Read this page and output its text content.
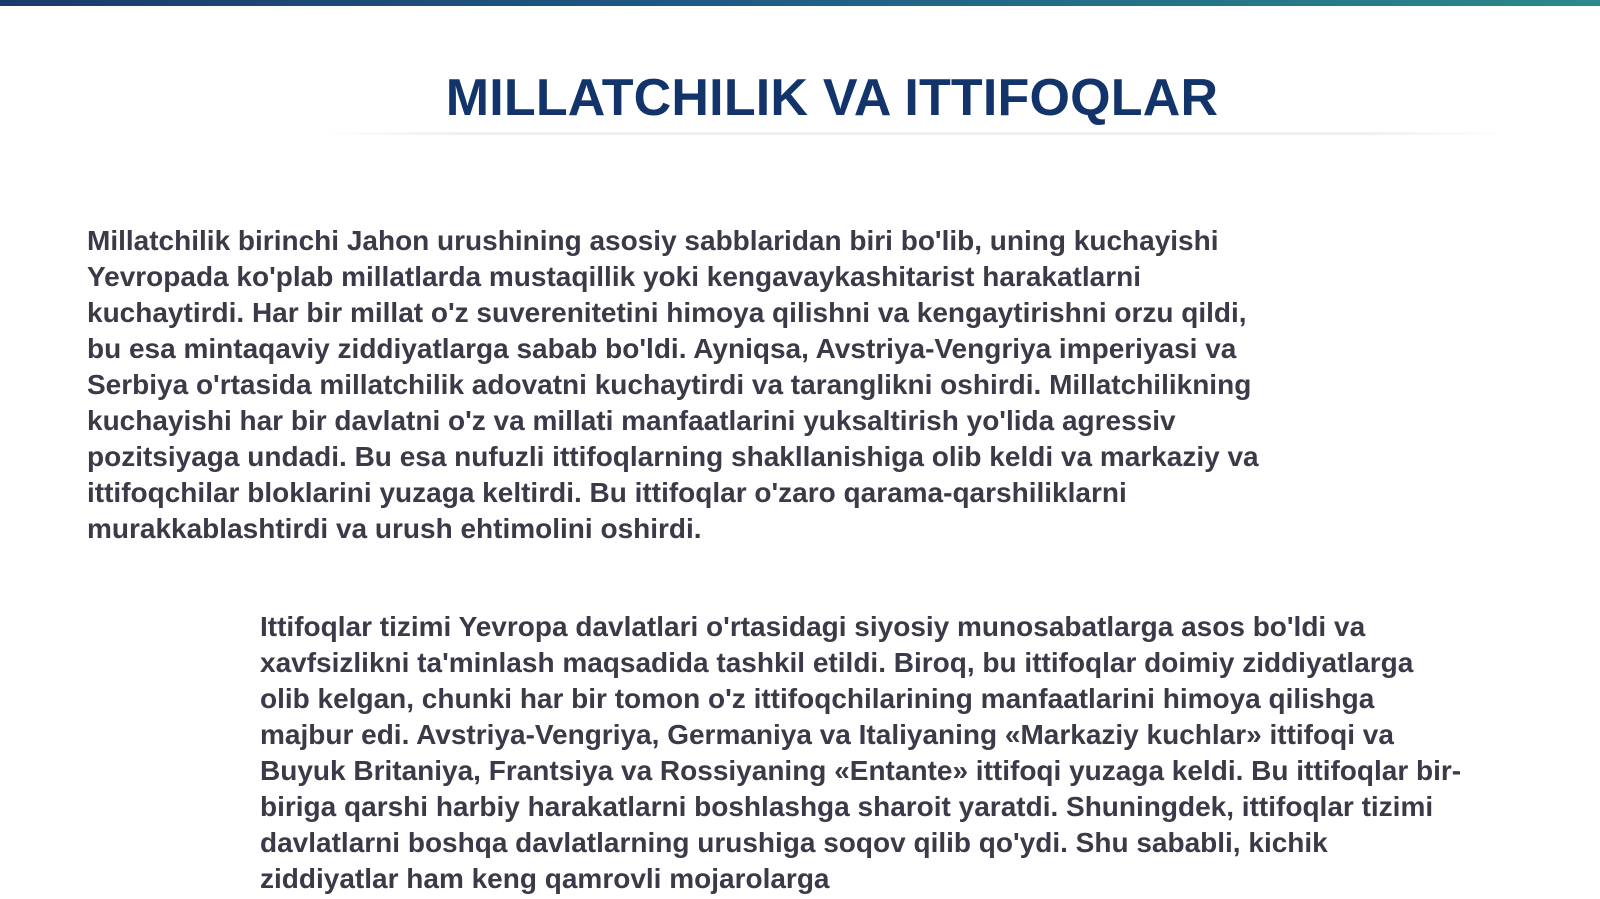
MILLATCHILIK VA ITTIFOQLAR

Millatchilik birinchi Jahon urushining asosiy sabblaridan biri bo'lib, uning kuchayishi Yevropada ko'plab millatlarda mustaqillik yoki kengavaykashitarist harakatlarni kuchaytirdi. Har bir millat o'z suverenitetini himoya qilishni va kengaytirishni orzu qildi, bu esa mintaqaviy ziddiyatlarga sabab bo'ldi. Ayniqsa, Avstriya-Vengriya imperiyasi va Serbiya o'rtasida millatchilik adovatni kuchaytirdi va taranglikni oshirdi. Millatchilikning kuchayishi har bir davlatni o'z va millati manfaatlarini yuksaltirish yo'lida agressiv pozitsiyaga undadi. Bu esa nufuzli ittifoqlarning shakllanishiga olib keldi va markaziy va ittifoqchilar bloklarini yuzaga keltirdi. Bu ittifoqlar o'zaro qarama-qarshiliklarni murakkablashtirdi va urush ehtimolini oshirdi.

Ittifoqlar tizimi Yevropa davlatlari o'rtasidagi siyosiy munosabatlarga asos bo'ldi va xavfsizlikni ta'minlash maqsadida tashkil etildi. Biroq, bu ittifoqlar doimiy ziddiyatlarga olib kelgan, chunki har bir tomon o'z ittifoqchilarining manfaatlarini himoya qilishga majbur edi. Avstriya-Vengriya, Germaniya va Italiyaning «Markaziy kuchlar» ittifoqi va Buyuk Britaniya, Frantsiya va Rossiyaning «Entante» ittifoqi yuzaga keldi. Bu ittifoqlar bir-biriga qarshi harbiy harakatlarni boshlashga sharoit yaratdi. Shuningdek, ittifoqlar tizimi davlatlarni boshqa davlatlarning urushiga soqov qilib qo'ydi. Shu sababli, kichik ziddiyatlar ham keng qamrovli mojarolarga
